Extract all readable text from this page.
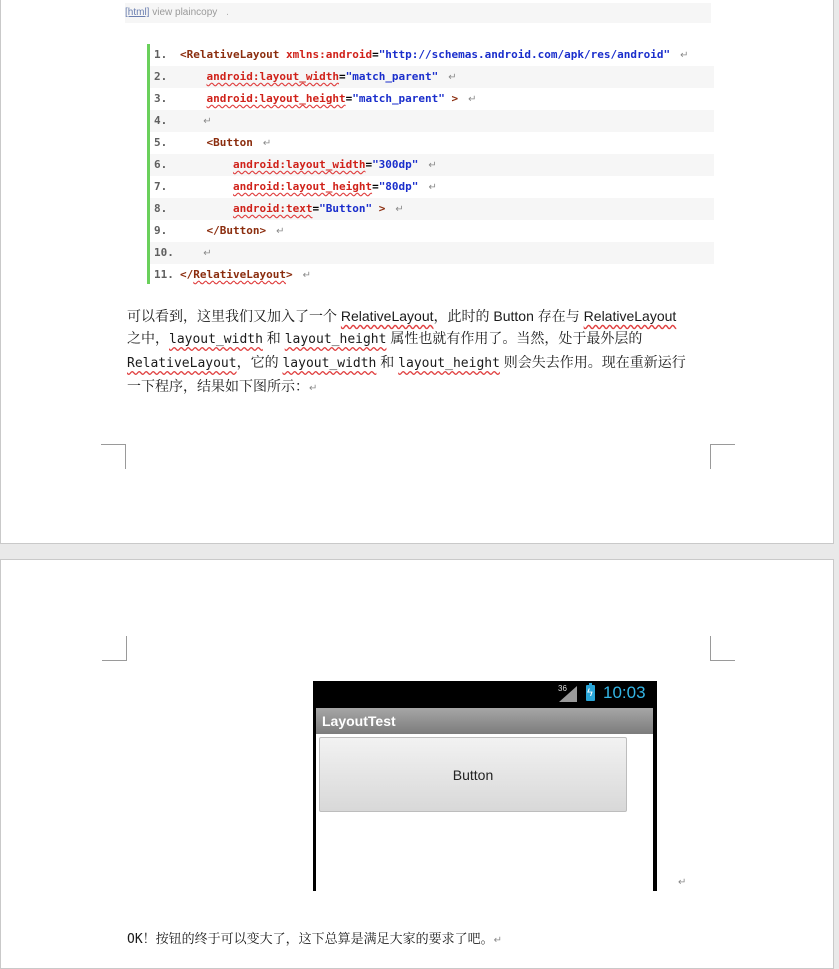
[html] view plaincopy .
1. <RelativeLayout xmlns:android="http://schemas.android.com/apk/res/android" ↵
2.	android:layout_width="match_parent" ↵
3.	android:layout_height="match_parent" > ↵
4.	↵
5.	<Button ↵
6.	android:layout_width="300dp" ↵
7.	android:layout_height="80dp" ↵
8.	android:text="Button" > ↵
9.	</Button> ↵
10.	↵
11. </RelativeLayout> ↵
可以看到，这里我们又加入了一个 RelativeLayout，此时的 Button 存在与 RelativeLayout
之中，layout_width 和 layout_height 属性也就有作用了。当然，处于最外层的
RelativeLayout，它的 layout_width 和 layout_height 则会失去作用。现在重新运行
一下程序，结果如下图所示：↵
36 ϟ 10:03
LayoutTest
Button
↵
OK！按钮的终于可以变大了，这下总算是满足大家的要求了吧。↵
